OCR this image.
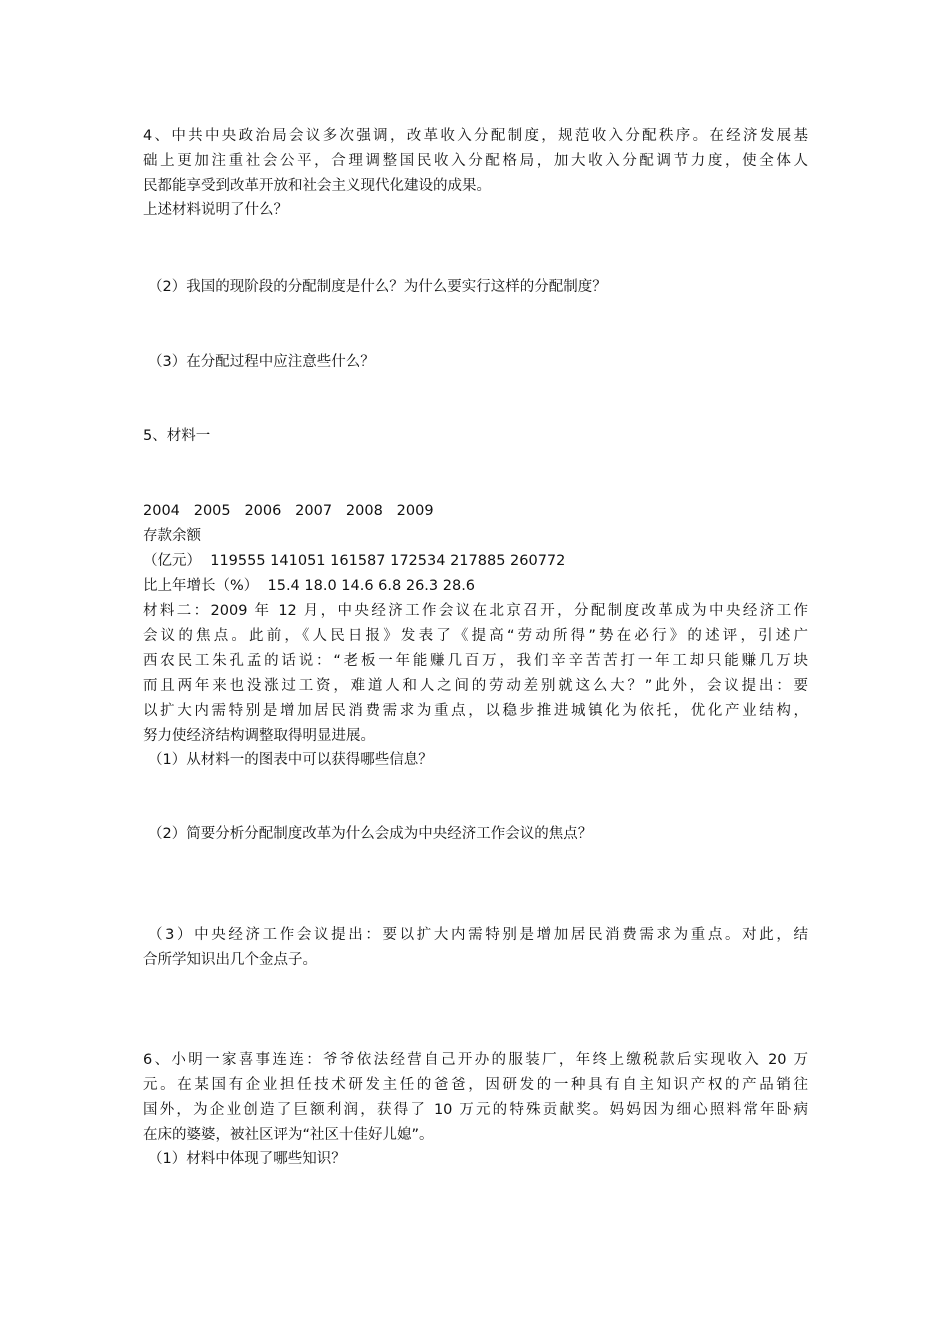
4、中共中央政治局会议多次强调，改革收入分配制度，规范收入分配秩序。在经济发展基
础上更加注重社会公平，合理调整国民收入分配格局，加大收入分配调节力度，使全体人
民都能享受到改革开放和社会主义现代化建设的成果。
上述材料说明了什么？
（2）我国的现阶段的分配制度是什么？为什么要实行这样的分配制度？
（3）在分配过程中应注意些什么？
5、材料一
2004   2005   2006   2007   2008   2009
存款余额
（亿元）  119555 141051 161587 172534 217885 260772
比上年增长（%）  15.4 18.0 14.6 6.8 26.3 28.6
材料二：2009 年 12 月，中央经济工作会议在北京召开，分配制度改革成为中央经济工作
会议的焦点。此前，《人民日报》发表了《提高“劳动所得”势在必行》的述评，引述广
西农民工朱孔孟的话说：“老板一年能赚几百万，我们辛辛苦苦打一年工却只能赚几万块
而且两年来也没涨过工资，难道人和人之间的劳动差别就这么大？”此外，会议提出：要
以扩大内需特别是增加居民消费需求为重点，以稳步推进城镇化为依托，优化产业结构，
努力使经济结构调整取得明显进展。
（1）从材料一的图表中可以获得哪些信息？
（2）简要分析分配制度改革为什么会成为中央经济工作会议的焦点？
（3）中央经济工作会议提出：要以扩大内需特别是增加居民消费需求为重点。对此，结
合所学知识出几个金点子。
6、小明一家喜事连连：爷爷依法经营自己开办的服装厂，年终上缴税款后实现收入 20 万
元。在某国有企业担任技术研发主任的爸爸，因研发的一种具有自主知识产权的产品销往
国外，为企业创造了巨额利润，获得了 10 万元的特殊贡献奖。妈妈因为细心照料常年卧病
在床的婆婆，被社区评为“社区十佳好儿媳”。
（1）材料中体现了哪些知识？
